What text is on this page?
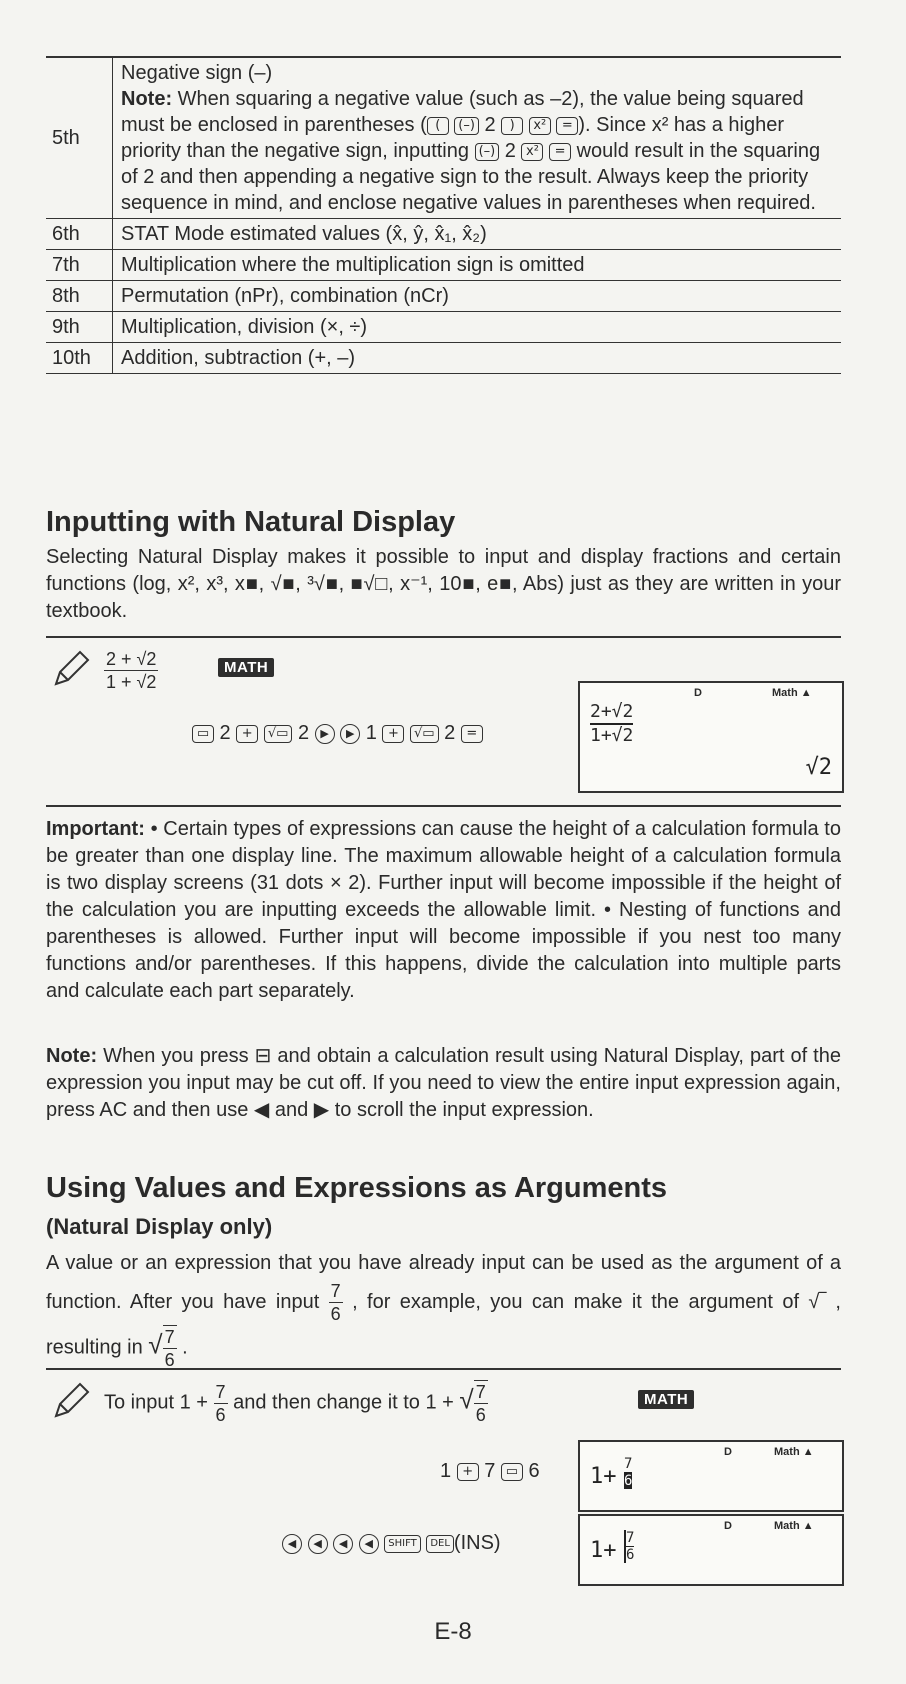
5th	Negative sign (–)
Note: When squaring a negative value (such as –2), the value being squared must be enclosed in parentheses ( ( (–) 2 ) x² = ). Since x² has a higher priority than the negative sign, inputting (–) 2 x² = would result in the squaring of 2 and then appending a negative sign to the result. Always keep the priority sequence in mind, and enclose negative values in parentheses when required.

6th	STAT Mode estimated values (x̂, ŷ, x̂₁, x̂₂)
7th	Multiplication where the multiplication sign is omitted
8th	Permutation (nPr), combination (nCr)
9th	Multiplication, division (×, ÷)
10th	Addition, subtraction (+, –)
Inputting with Natural Display
Selecting Natural Display makes it possible to input and display fractions and certain functions (log, x², x³, x■, √■, ³√■, ■√□, x⁻¹, 10■, e■, Abs) just as they are written in your textbook.
$\frac{2 + √2}{1 + √2}$	MATH
▭ 2 + √▭ 2 ▶ ▶ 1 + √▭ 2 =
D	Math ▲
$\frac{2+√2}{1+√2}$
√2
Important: • Certain types of expressions can cause the height of a calculation formula to be greater than one display line. The maximum allowable height of a calculation formula is two display screens (31 dots × 2). Further input will become impossible if the height of the calculation you are inputting exceeds the allowable limit. • Nesting of functions and parentheses is allowed. Further input will become impossible if you nest too many functions and/or parentheses. If this happens, divide the calculation into multiple parts and calculate each part separately.
Note: When you press ⊟ and obtain a calculation result using Natural Display, part of the expression you input may be cut off. If you need to view the entire input expression again, press AC and then use ◀ and ▶ to scroll the input expression.
Using Values and Expressions as Arguments
(Natural Display only)
A value or an expression that you have already input can be used as the argument of a function. After you have input $\frac{7}{6}$ , for example, you can make it the argument of √‾ , resulting in √ $\frac{7}{6}$ .
To input $1 + \frac{7}{6}$ and then change it to 1 + √ $\frac{7}{6}$	MATH
1 + 7 ▭ 6
D	Math ▲
$1+ \frac{7}{6}$
◀ ◀ ◀ ◀ SHIFT DEL (INS)
D	Math ▲
$1+ \frac{7}{6}$
E-8
